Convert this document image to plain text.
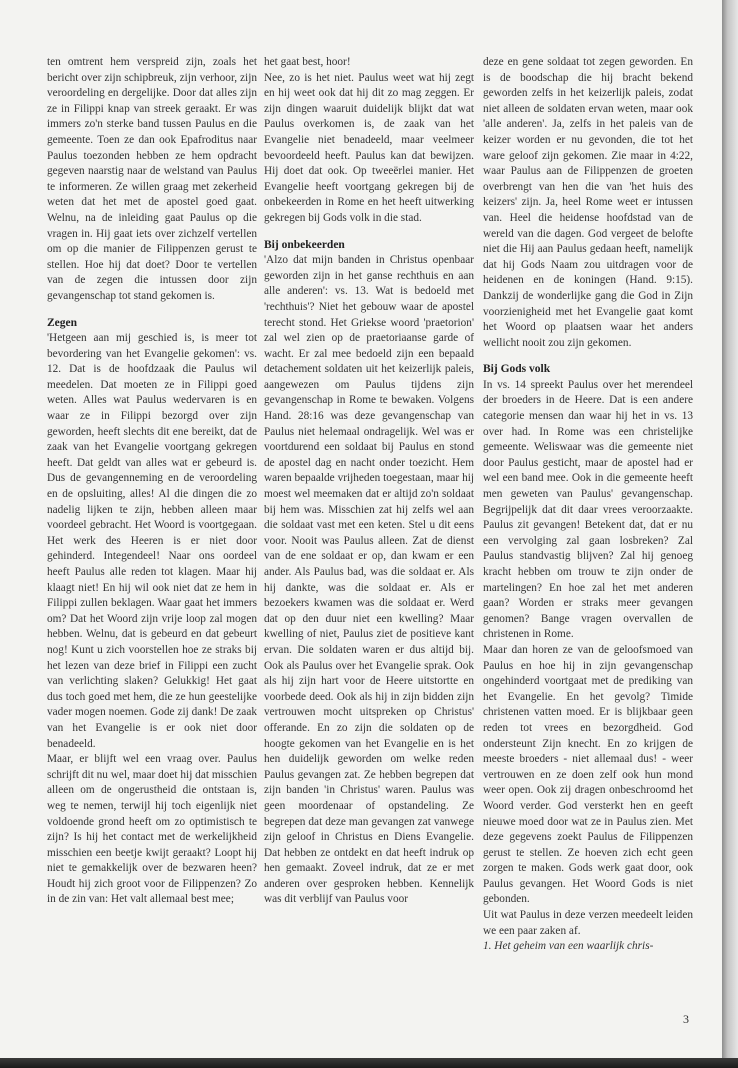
ten omtrent hem verspreid zijn, zoals het bericht over zijn schipbreuk, zijn verhoor, zijn veroordeling en dergelijke. Door dat alles zijn ze in Filippi knap van streek geraakt. Er was immers zo'n sterke band tussen Paulus en die gemeente. Toen ze dan ook Epafroditus naar Paulus toezonden hebben ze hem opdracht gegeven naarstig naar de welstand van Paulus te informeren. Ze willen graag met zekerheid weten dat het met de apostel goed gaat. Welnu, na de inleiding gaat Paulus op die vragen in. Hij gaat iets over zichzelf vertellen om op die manier de Filippenzen gerust te stellen. Hoe hij dat doet? Door te vertellen van de zegen die intussen door zijn gevangenschap tot stand gekomen is.

Zegen

'Hetgeen aan mij geschied is, is meer tot bevordering van het Evangelie gekomen': vs. 12. Dat is de hoofdzaak die Paulus wil meedelen. Dat moeten ze in Filippi goed weten. Alles wat Paulus wedervaren is en waar ze in Filippi bezorgd over zijn geworden, heeft slechts dit ene bereikt, dat de zaak van het Evangelie voortgang gekregen heeft. Dat geldt van alles wat er gebeurd is. Dus de gevangenneming en de veroordeling en de opsluiting, alles! Al die dingen die zo nadelig lijken te zijn, hebben alleen maar voordeel gebracht. Het Woord is voortgegaan. Het werk des Heeren is er niet door gehinderd. Integendeel! Naar ons oordeel heeft Paulus alle reden tot klagen. Maar hij klaagt niet! En hij wil ook niet dat ze hem in Filippi zullen beklagen. Waar gaat het immers om? Dat het Woord zijn vrije loop zal mogen hebben. Welnu, dat is gebeurd en dat gebeurt nog! Kunt u zich voorstellen hoe ze straks bij het lezen van deze brief in Filippi een zucht van verlichting slaken? Gelukkig! Het gaat dus toch goed met hem, die ze hun geestelijke vader mogen noemen. Gode zij dank! De zaak van het Evangelie is er ook niet door benadeeld.

Maar, er blijft wel een vraag over. Paulus schrijft dit nu wel, maar doet hij dat misschien alleen om de ongerustheid die ontstaan is, weg te nemen, terwijl hij toch eigenlijk niet voldoende grond heeft om zo optimistisch te zijn? Is hij het contact met de werkelijkheid misschien een beetje kwijt geraakt? Loopt hij niet te gemakkelijk over de bezwaren heen? Houdt hij zich groot voor de Filippenzen? Zo in de zin van: Het valt allemaal best mee;

het gaat best, hoor!

Nee, zo is het niet. Paulus weet wat hij zegt en hij weet ook dat hij dit zo mag zeggen. Er zijn dingen waaruit duidelijk blijkt dat wat Paulus overkomen is, de zaak van het Evangelie niet benadeeld, maar veelmeer bevoordeeld heeft. Paulus kan dat bewijzen. Hij doet dat ook. Op tweeërlei manier. Het Evangelie heeft voortgang gekregen bij de onbekeerden in Rome en het heeft uitwerking gekregen bij Gods volk in die stad.

Bij onbekeerden

'Alzo dat mijn banden in Christus openbaar geworden zijn in het ganse rechthuis en aan alle anderen': vs. 13. Wat is bedoeld met 'rechthuis'? Niet het gebouw waar de apostel terecht stond. Het Griekse woord 'praetorion' zal wel zien op de praetoriaanse garde of wacht. Er zal mee bedoeld zijn een bepaald detachement soldaten uit het keizerlijk paleis, aangewezen om Paulus tijdens zijn gevangenschap in Rome te bewaken. Volgens Hand. 28:16 was deze gevangenschap van Paulus niet helemaal ondragelijk. Wel was er voortdurend een soldaat bij Paulus en stond de apostel dag en nacht onder toezicht. Hem waren bepaalde vrijheden toegestaan, maar hij moest wel meemaken dat er altijd zo'n soldaat bij hem was. Misschien zat hij zelfs wel aan die soldaat vast met een keten. Stel u dit eens voor. Nooit was Paulus alleen. Zat de dienst van de ene soldaat er op, dan kwam er een ander. Als Paulus bad, was die soldaat er. Als hij dankte, was die soldaat er. Als er bezoekers kwamen was die soldaat er. Werd dat op den duur niet een kwelling? Maar kwelling of niet, Paulus ziet de positieve kant ervan. Die soldaten waren er dus altijd bij. Ook als Paulus over het Evangelie sprak. Ook als hij zijn hart voor de Heere uitstortte en voorbede deed. Ook als hij in zijn bidden zijn vertrouwen mocht uitspreken op Christus' offerande. En zo zijn die soldaten op de hoogte gekomen van het Evangelie en is het hen duidelijk geworden om welke reden Paulus gevangen zat. Ze hebben begrepen dat zijn banden 'in Christus' waren. Paulus was geen moordenaar of opstandeling. Ze begrepen dat deze man gevangen zat vanwege zijn geloof in Christus en Diens Evangelie. Dat hebben ze ontdekt en dat heeft indruk op hen gemaakt. Zoveel indruk, dat ze er met anderen over gesproken hebben. Kennelijk was dit verblijf van Paulus voor

deze en gene soldaat tot zegen geworden. En is de boodschap die hij bracht bekend geworden zelfs in het keizerlijk paleis, zodat niet alleen de soldaten ervan weten, maar ook 'alle anderen'. Ja, zelfs in het paleis van de keizer worden er nu gevonden, die tot het ware geloof zijn gekomen. Zie maar in 4:22, waar Paulus aan de Filippenzen de groeten overbrengt van hen die van 'het huis des keizers' zijn. Ja, heel Rome weet er intussen van. Heel die heidense hoofdstad van de wereld van die dagen. God vergeet de belofte niet die Hij aan Paulus gedaan heeft, namelijk dat hij Gods Naam zou uitdragen voor de heidenen en de koningen (Hand. 9:15). Dankzij de wonderlijke gang die God in Zijn voorzienigheid met het Evangelie gaat komt het Woord op plaatsen waar het anders wellicht nooit zou zijn gekomen.

Bij Gods volk

In vs. 14 spreekt Paulus over het merendeel der broeders in de Heere. Dat is een andere categorie mensen dan waar hij het in vs. 13 over had. In Rome was een christelijke gemeente. Weliswaar was die gemeente niet door Paulus gesticht, maar de apostel had er wel een band mee. Ook in die gemeente heeft men geweten van Paulus' gevangenschap. Begrijpelijk dat dit daar vrees veroorzaakte. Paulus zit gevangen! Betekent dat, dat er nu een vervolging zal gaan losbreken? Zal Paulus standvastig blijven? Zal hij genoeg kracht hebben om trouw te zijn onder de martelingen? En hoe zal het met anderen gaan? Worden er straks meer gevangen genomen? Bange vragen overvallen de christenen in Rome.

Maar dan horen ze van de geloofsmoed van Paulus en hoe hij in zijn gevangenschap ongehinderd voortgaat met de prediking van het Evangelie. En het gevolg? Timide christenen vatten moed. Er is blijkbaar geen reden tot vrees en bezorgdheid. God ondersteunt Zijn knecht. En zo krijgen de meeste broeders - niet allemaal dus! - weer vertrouwen en ze doen zelf ook hun mond weer open. Ook zij dragen onbeschroomd het Woord verder. God versterkt hen en geeft nieuwe moed door wat ze in Paulus zien. Met deze gegevens zoekt Paulus de Filippenzen gerust te stellen. Ze hoeven zich echt geen zorgen te maken. Gods werk gaat door, ook Paulus gevangen. Het Woord Gods is niet gebonden.

Uit wat Paulus in deze verzen meedeelt leiden we een paar zaken af.

1. Het geheim van een waarlijk chris-

3
